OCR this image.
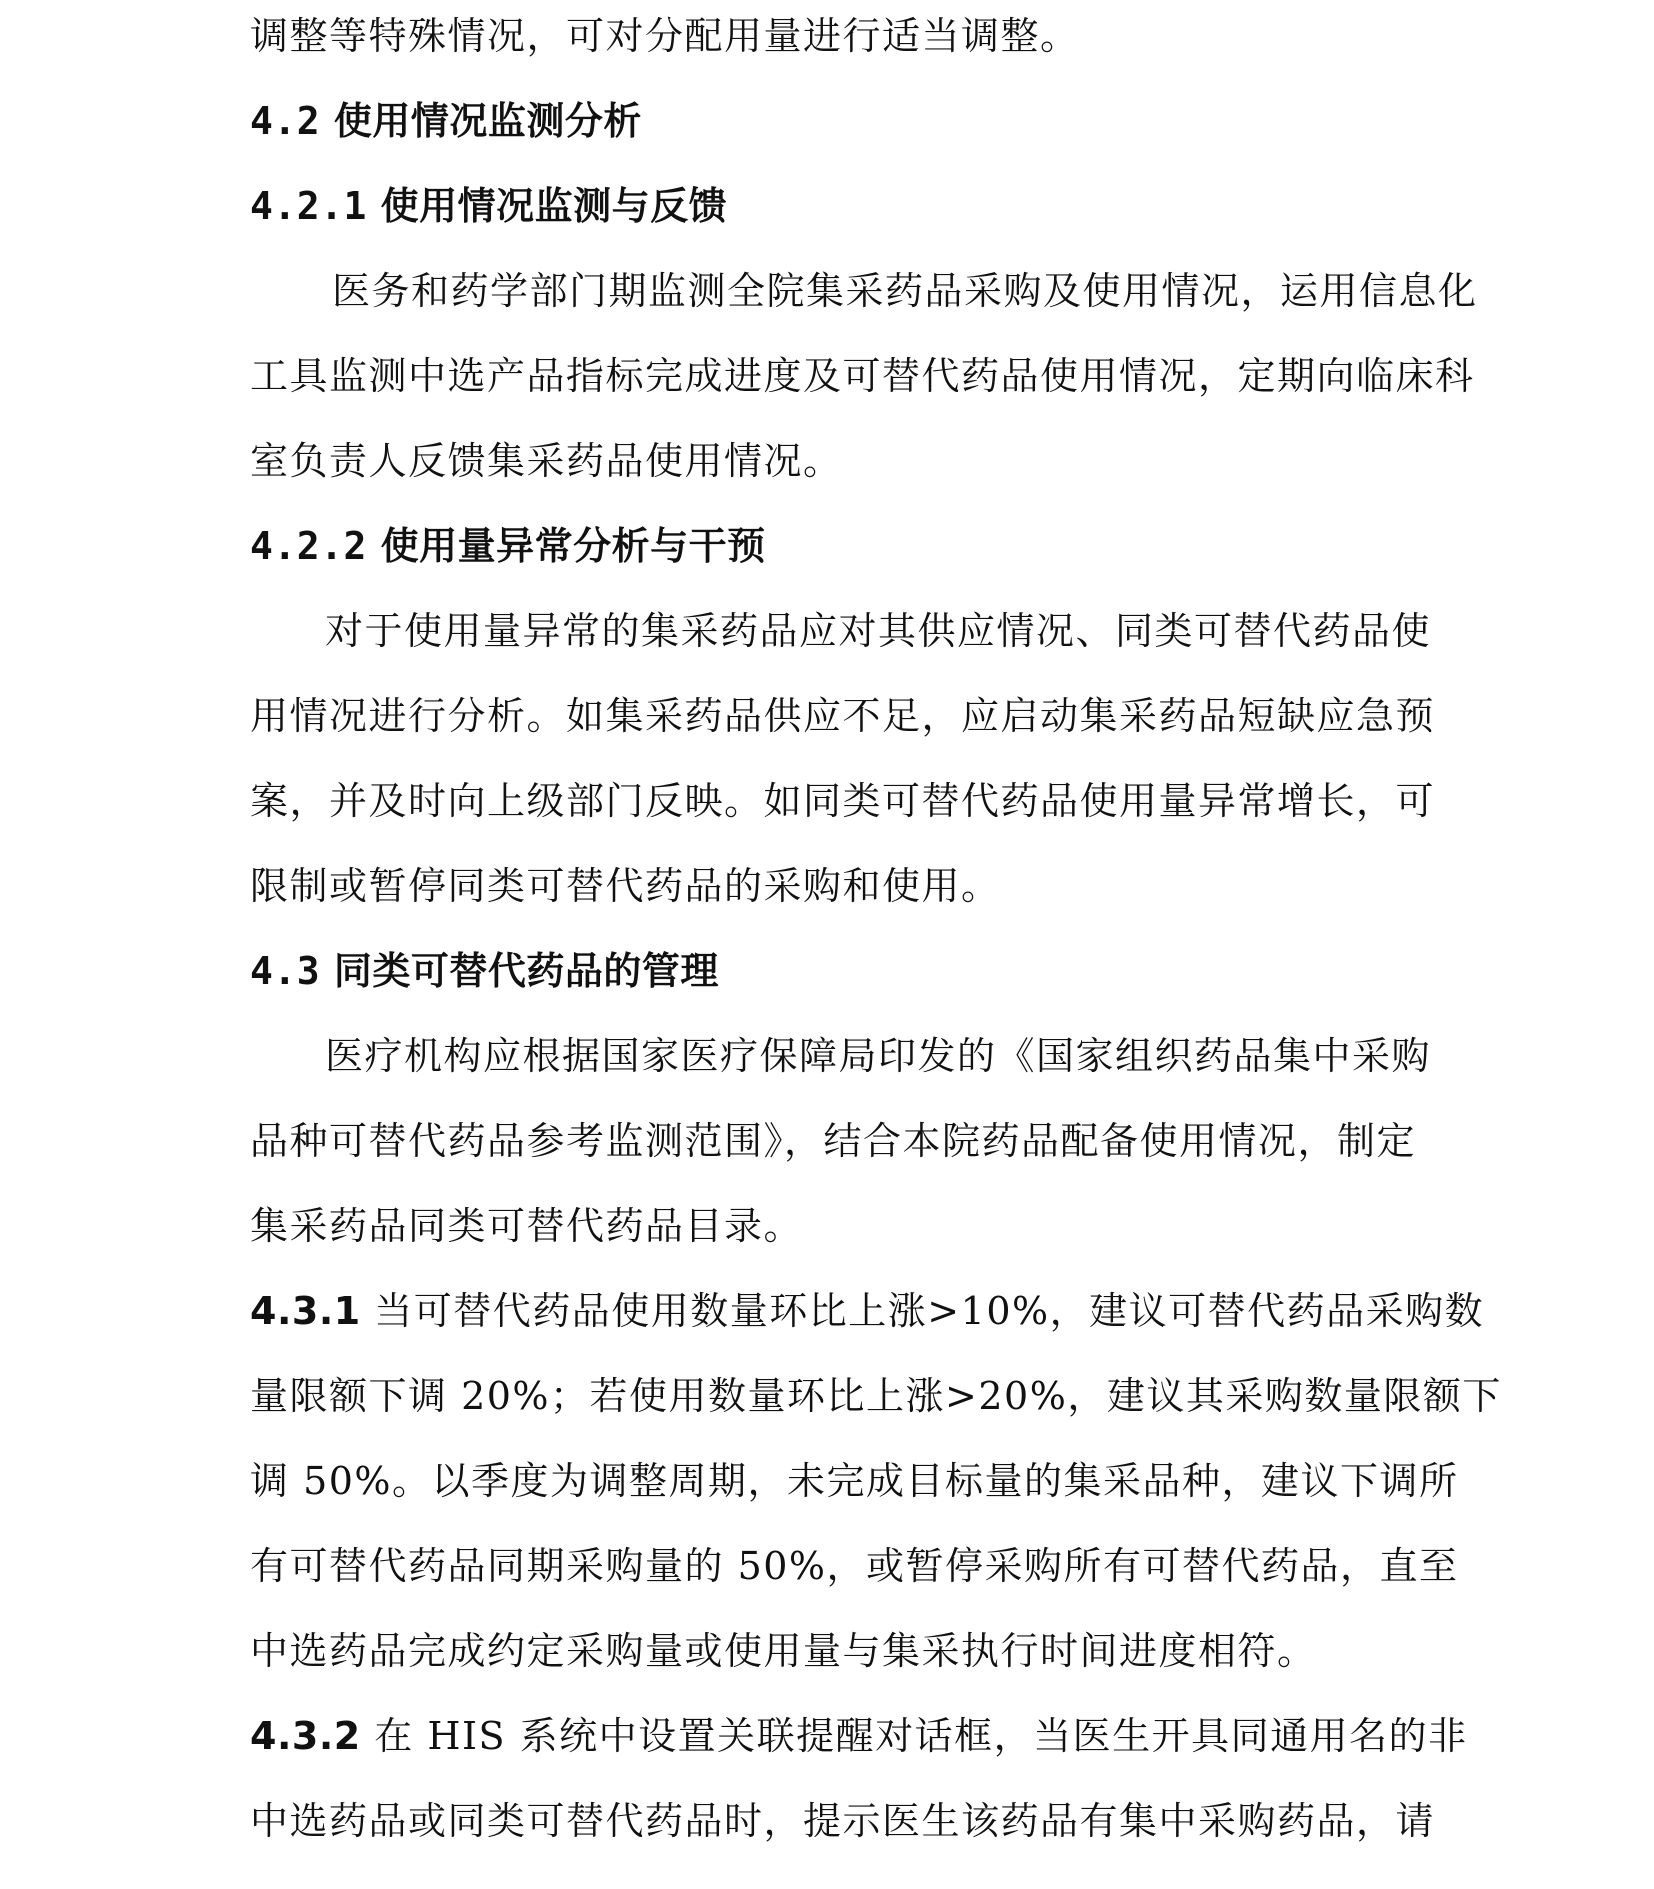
调整等特殊情况，可对分配用量进行适当调整。
4.2 使用情况监测分析
4.2.1 使用情况监测与反馈
医务和药学部门期监测全院集采药品采购及使用情况，运用信息化
工具监测中选产品指标完成进度及可替代药品使用情况，定期向临床科
室负责人反馈集采药品使用情况。
4.2.2 使用量异常分析与干预
对于使用量异常的集采药品应对其供应情况、同类可替代药品使
用情况进行分析。如集采药品供应不足，应启动集采药品短缺应急预
案，并及时向上级部门反映。如同类可替代药品使用量异常增长，可
限制或暂停同类可替代药品的采购和使用。
4.3 同类可替代药品的管理
医疗机构应根据国家医疗保障局印发的《国家组织药品集中采购
品种可替代药品参考监测范围》，结合本院药品配备使用情况，制定
集采药品同类可替代药品目录。
4.3.1 当可替代药品使用数量环比上涨>10%，建议可替代药品采购数
量限额下调 20%；若使用数量环比上涨>20%，建议其采购数量限额下
调 50%。以季度为调整周期，未完成目标量的集采品种，建议下调所
有可替代药品同期采购量的 50%，或暂停采购所有可替代药品，直至
中选药品完成约定采购量或使用量与集采执行时间进度相符。
4.3.2 在 HIS 系统中设置关联提醒对话框，当医生开具同通用名的非
中选药品或同类可替代药品时，提示医生该药品有集中采购药品，请
